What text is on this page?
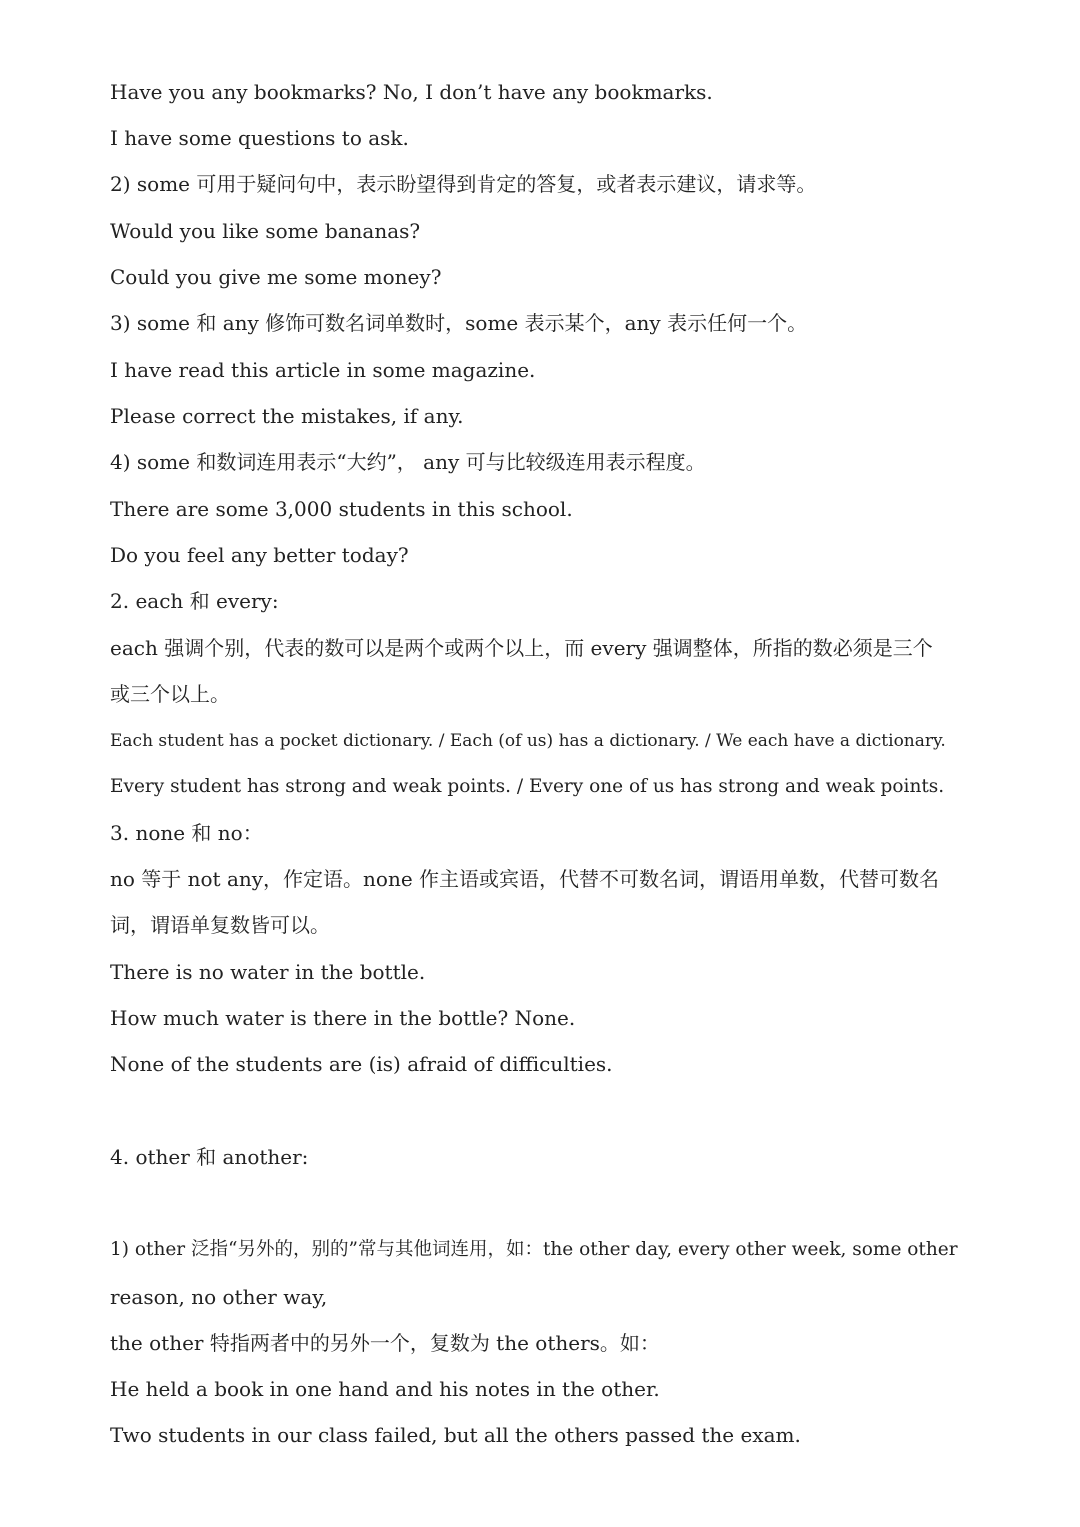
Have you any bookmarks? No, I don’t have any bookmarks.
I have some questions to ask.
2) some 可用于疑问句中，表示盼望得到肯定的答复，或者表示建议，请求等。
Would you like some bananas?
Could you give me some money?
3) some 和 any 修饰可数名词单数时，some 表示某个，any 表示任何一个。
I have read this article in some magazine.
Please correct the mistakes, if any.
4) some 和数词连用表示“大约”， any 可与比较级连用表示程度。
There are some 3,000 students in this school.
Do you feel any better today?
2. each 和 every:
each 强调个别，代表的数可以是两个或两个以上，而 every 强调整体，所指的数必须是三个
或三个以上。
Each student has a pocket dictionary. / Each (of us) has a dictionary. / We each have a dictionary.
Every student has strong and weak points. / Every one of us has strong and weak points.
3. none 和 no：
no 等于 not any，作定语。none 作主语或宾语，代替不可数名词，谓语用单数，代替可数名
词，谓语单复数皆可以。
There is no water in the bottle.
How much water is there in the bottle? None.
None of the students are (is) afraid of difficulties.
4. other 和 another:
1) other 泛指“另外的，别的”常与其他词连用，如：the other day, every other week, some other
reason, no other way,
the other 特指两者中的另外一个，复数为 the others。如：
He held a book in one hand and his notes in the other.
Two students in our class failed, but all the others passed the exam.
